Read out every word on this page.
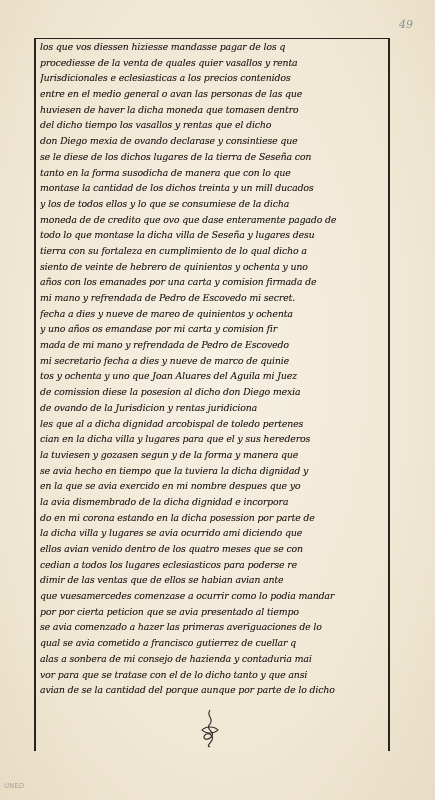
49
los que vos diessen hiziesse mandasse pagar de los q
procediesse de la venta de quales quier vasallos y renta
Jurisdicionales e eclesiasticas a los precios contenidos
entre en el medio general o avan las personas de las que
huviesen de haver la dicha moneda que tomasen dentro
del dicho tiempo los vasallos y rentas que el dicho
don Diego mexia de ovando declarase y consintiese que
se le diese de los dichos lugares de la tierra de Seseña con
tanto en la forma susodicha de manera que con lo que
montase la cantidad de los dichos treinta y un mill ducados
y los de todos ellos y lo que se consumiese de la dicha
moneda de de credito que ovo que dase enteramente pagado de
todo lo que montase la dicha villa de Seseña y lugares desu
tierra con su fortaleza en cumplimiento de lo qual dicho a
siento de veinte de hebrero de quinientos y ochenta y uno
años con los emanades por una carta y comision firmada de
mi mano y refrendada de Pedro de Escovedo mi secret.
fecha a dies y nueve de mareo de quinientos y ochenta
y uno años os emandase por mi carta y comision fir
mada de mi mano y refrendada de Pedro de Escovedo
mi secretario fecha a dies y nueve de marco de quinie
tos y ochenta y uno que Joan Aluares del Aguila mi Juez
de comission diese la posesion al dicho don Diego mexia
de ovando de la Jurisdicion y rentas juridiciona
les que al a dicha dignidad arcobispal de toledo pertenes
cian en la dicha villa y lugares para que el y sus herederos
la tuviesen y gozasen segun y de la forma y manera que
se avia hecho en tiempo que la tuviera la dicha dignidad y
en la que se avia exercido en mi nombre despues que yo
la avia dismembrado de la dicha dignidad e incorpora
do en mi corona estando en la dicha posession por parte de
la dicha villa y lugares se avia ocurrido ami diciendo que
ellos avian venido dentro de los quatro meses que se con
cedian a todos los lugares eclesiasticos para poderse re
dimir de las ventas que de ellos se habian avian ante
que vuesamercedes comenzase a ocurrir como lo podia mandar
por por cierta peticion que se avia presentado al tiempo
se avia comenzado a hazer las primeras averiguaciones de lo
qual se avia cometido a francisco gutierrez de cuellar q
alas a sonbera de mi consejo de hazienda y contaduria mai
vor para que se tratase con el de lo dicho tanto y que ansi
avian de se la cantidad del porque aunque por parte de lo dicho
UNED
